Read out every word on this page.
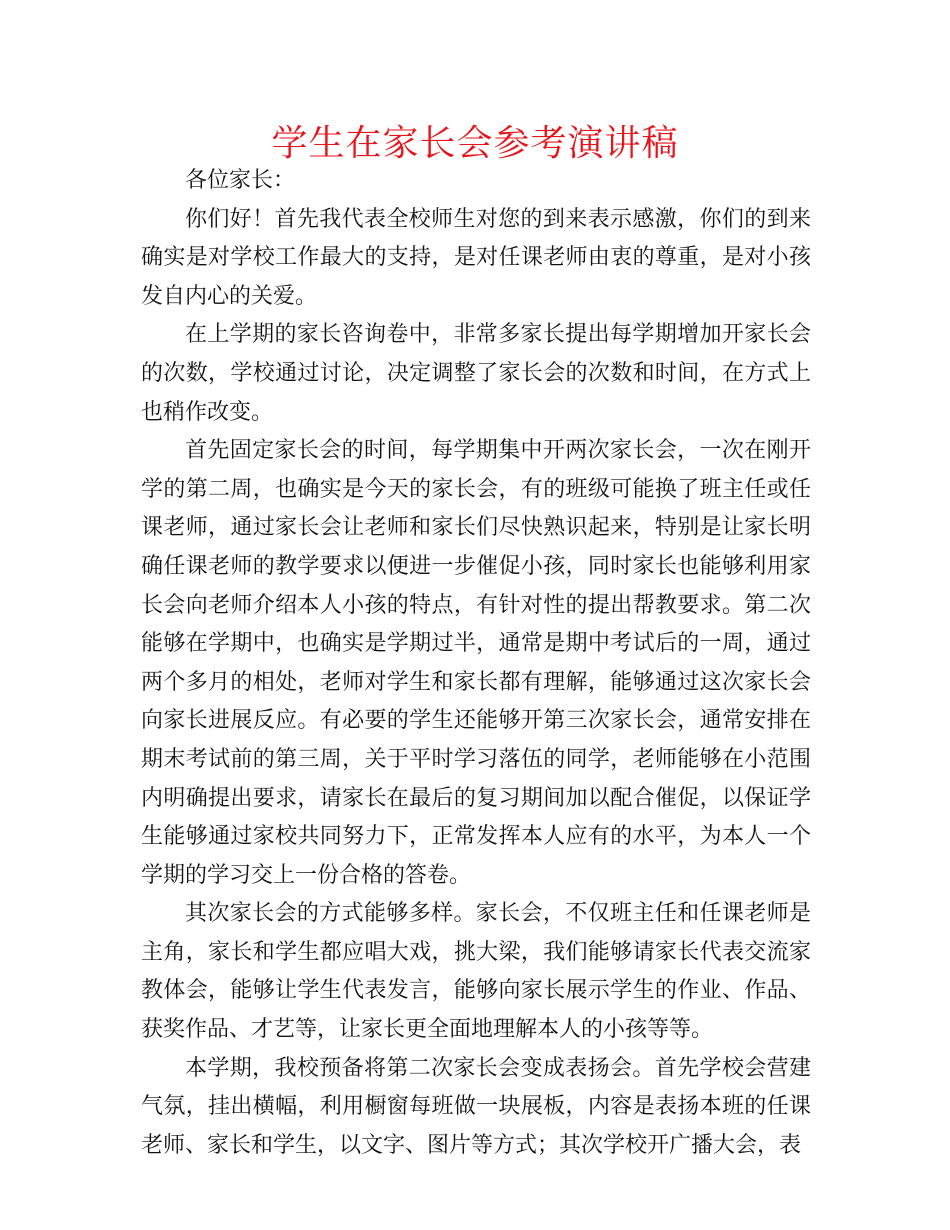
学生在家长会参考演讲稿

各位家长：

你们好！首先我代表全校师生对您的到来表示感激，你们的到来确实是对学校工作最大的支持，是对任课老师由衷的尊重，是对小孩发自内心的关爱。

在上学期的家长咨询卷中，非常多家长提出每学期增加开家长会的次数，学校通过讨论，决定调整了家长会的次数和时间，在方式上也稍作改变。

首先固定家长会的时间，每学期集中开两次家长会，一次在刚开学的第二周，也确实是今天的家长会，有的班级可能换了班主任或任课老师，通过家长会让老师和家长们尽快熟识起来，特别是让家长明确任课老师的教学要求以便进一步催促小孩，同时家长也能够利用家长会向老师介绍本人小孩的特点，有针对性的提出帮教要求。第二次能够在学期中，也确实是学期过半，通常是期中考试后的一周，通过两个多月的相处，老师对学生和家长都有理解，能够通过这次家长会向家长进展反应。有必要的学生还能够开第三次家长会，通常安排在期末考试前的第三周，关于平时学习落伍的同学，老师能够在小范围内明确提出要求，请家长在最后的复习期间加以配合催促，以保证学生能够通过家校共同努力下，正常发挥本人应有的水平，为本人一个学期的学习交上一份合格的答卷。

其次家长会的方式能够多样。家长会，不仅班主任和任课老师是主角，家长和学生都应唱大戏，挑大梁，我们能够请家长代表交流家教体会，能够让学生代表发言，能够向家长展示学生的作业、作品、获奖作品、才艺等，让家长更全面地理解本人的小孩等等。

本学期，我校预备将第二次家长会变成表扬会。首先学校会营建气氛，挂出横幅，利用橱窗每班做一块展板，内容是表扬本班的任课老师、家长和学生，以文字、图片等方式；其次学校开广播大会，表
